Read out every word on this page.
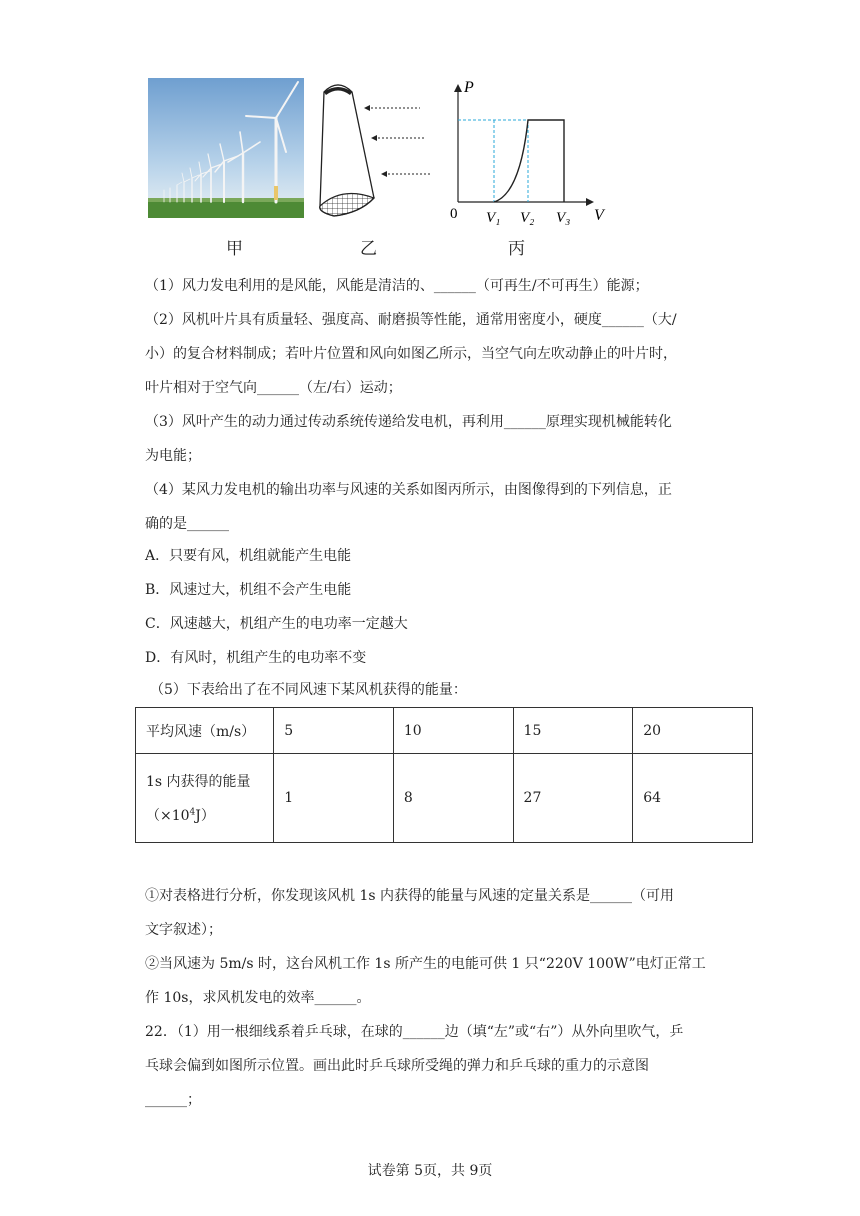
P
V
0 V₁ V₂ V₃
甲	乙	丙
（1）风力发电利用的是风能，风能是清洁的、______（可再生/不可再生）能源；
（2）风机叶片具有质量轻、强度高、耐磨损等性能，通常用密度小，硬度______（大/
小）的复合材料制成；若叶片位置和风向如图乙所示，当空气向左吹动静止的叶片时，
叶片相对于空气向______（左/右）运动；
（3）风叶产生的动力通过传动系统传递给发电机，再利用______原理实现机械能转化
为电能；
（4）某风力发电机的输出功率与风速的关系如图丙所示，由图像得到的下列信息，正
确的是______
A．只要有风，机组就能产生电能
B．风速过大，机组不会产生电能
C．风速越大，机组产生的电功率一定越大
D．有风时，机组产生的电功率不变
（5）下表给出了在不同风速下某风机获得的能量：
平均风速（m/s）	5	10	15	20
1s 内获得的能量
$(\times 10^4J)$	1	8	27	64
①对表格进行分析，你发现该风机 1s 内获得的能量与风速的定量关系是______（可用
文字叙述）；
②当风速为 5m/s 时，这台风机工作 1s 所产生的电能可供 1 只“220V 100W”电灯正常工
作 10s，求风机发电的效率______。
22．（1）用一根细线系着乒乓球，在球的______边（填“左”或“右”）从外向里吹气，乒
乓球会偏到如图所示位置。画出此时乒乓球所受绳的弹力和乒乓球的重力的示意图
______；
试卷第 5页，共 9页
